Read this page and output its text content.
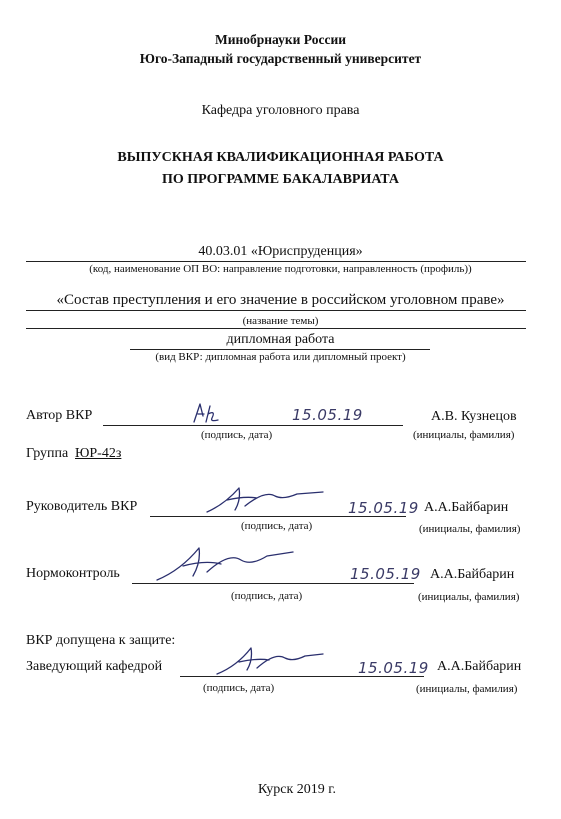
Минобрнауки России
Юго-Западный государственный университет
Кафедра уголовного права
ВЫПУСКНАЯ КВАЛИФИКАЦИОННАЯ РАБОТА
ПО ПРОГРАММЕ БАКАЛАВРИАТА
40.03.01 «Юриспруденция»
(код, наименование ОП ВО: направление подготовки, направленность (профиль))
«Состав преступления и его значение в российском уголовном праве»
(название темы)
дипломная работа
(вид ВКР: дипломная работа или дипломный проект)
Автор ВКР	15.05.19	А.В. Кузнецов
(подпись, дата)	(инициалы, фамилия)
Группа ЮР-42з
Руководитель ВКР	15.05.19 А.А.Байбарин
(подпись, дата)	(инициалы, фамилия)
Нормоконтроль	15.05.19 А.А.Байбарин
(подпись, дата)	(инициалы, фамилия)
ВКР допущена к защите:
Заведующий кафедрой	15.05.19 А.А.Байбарин
(подпись, дата)	(инициалы, фамилия)
Курск 2019 г.
